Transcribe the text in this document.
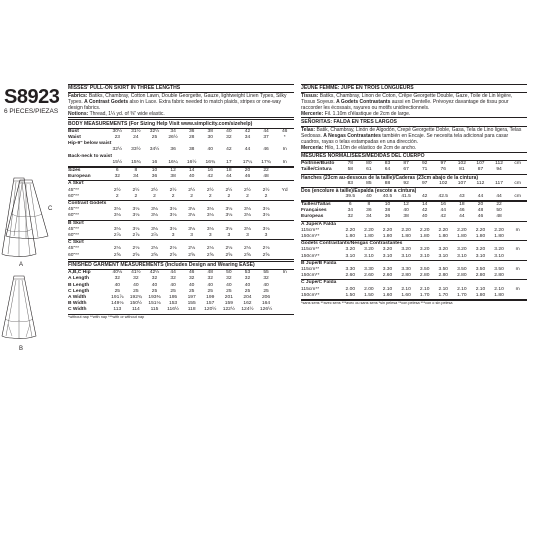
S8923
6 PIECES/PIEZAS
C
A
B
MISSES' PULL-ON SKIRT IN THREE LENGTHS
Fabrics: Batiks, Chambray, Cotton Lawn, Double Georgette, Gauze, lightweight Linen Types, Silky Types. A Contrast Godets also in Lace. Extra fabric needed to match plaids, stripes or one-way design fabrics.
Notions: Thread, 1¼ yd. of ⅜" wide elastic.
BODY MEASUREMENTS (For Sizing Help Visit www.simplicity.com/sizehelp)
Bust	30½	31½	32½	34	36	38	40	42	44	46
Waist	23	24	25	26½	28	30	32	34	37	*
Hip-9" below waist										
	32½	33½	34½	36	38	40	42	44	46	In
Back-neck to waist										
	15½	15¾	16	16¼	16½	16¾	17	17¼	17¾	In
Sizes	6	8	10	12	14	16	18	20	22	
European	32	34	36	38	40	42	44	46	48	
A Skirt										
45"**	2½	2½	2½	2½	2½	2½	2½	2½	2½	Yd
60"**	2	2	2	2	2	2	2	2	2	
Contrast Godets										
45"**	3⅛	3⅛	3⅛	3⅛	3⅛	3⅛	3⅛	3⅛	3⅛	
60"**	3⅛	3⅛	3⅛	3⅛	3⅛	3⅛	3⅛	3⅛	3⅛	
B Skirt										
45"**	3⅛	3⅛	3⅛	3⅛	3⅛	3⅛	3⅛	3⅛	3⅛	
60"**	2⅞	2⅞	2⅞	3	3	3	3	3	3	
C Skirt										
45"**	2⅛	2⅛	2⅛	2⅛	2⅛	2⅛	2⅛	2⅛	2⅛	
60"**	2⅝	2⅝	2⅝	2⅝	2⅝	2⅝	2⅝	2⅝	2⅝	
FINISHED GARMENT MEASUREMENTS (Includes Design and Wearing EASE)
A,B,C Hip	40⅛	41½	42½	44	46	48	50	53	55	In
A Length	32	32	32	32	32	32	32	32	32	
B Length	40	40	40	40	40	40	40	40	40	
C Length	25	25	25	25	25	25	25	25	25	
A Width	191⅞	192¾	193⅜	195	197	199	201	204	206	
B Width	149⅛	150½	151⅛	153	155	157	159	162	164	
C Width	113	114	115	116½	118	120½	122½	124½	126½	
*without nap **with nap ***with or without nap
JEUNE FEMME: JUPE EN TROIS LONGUEURS
Tissus: Batiks, Chambray, Linon de Coton, Crêpe Georgette Double, Gaze, Toile de Lin légère, Tissus Soyeux. A Godets Contrastants aussi en Dentelle. Prévoyez davantage de tissu pour raccorder les écossais, rayures ou motifs unidirectionnels.
Mercerie: Fil. 1.10m d'élastique de 2cm de large.
SEÑORITAS: FALDA EN TRES LARGOS
Telas: Batik, Chambray, Linón de Algodón, Crepé Georgette Doble, Gasa, Tela de Lino ligera, Telas Sedosas. A Nesgas Contrastantes también en Encaje. Se necesita tela adicional para casar cuadros, rayas o telas estampadas en una dirección.
Mercería: Hilo, 1.10m de elástico de 2cm de ancho.
MESURES NORMALISÉES/MEDIDAS DEL CUERPO
Poitrine/Busto	78	80	83	87	92	97	102	107	112	cm
Taille/Cintura	58	61	64	67	71	76	81	87	94	
Hanches (23cm au-dessous de la taille)/Caderas (23cm abajo de la cintura)
	83	85	88	92	97	102	107	112	117	cm
Dos (encolure à taille)/Espalda (escote a cintura)
	39.5	40	40.5	41.5	42	42.5	43	44	44	cm
Tailles/Tallas	6	8	10	12	14	16	18	20	22	
Françaises	34	36	38	40	42	44	46	48	50	
Europeas	32	34	36	38	40	42	44	46	48	
A Jupe/A Falda										
115cm**	2.20	2.20	2.20	2.20	2.20	2.20	2.20	2.20	2.20	m
150cm**	1.80	1.80	1.80	1.80	1.80	1.80	1.80	1.80	1.80	
Godets Contrastants/Nesgas Contrastantes										
115cm**	3.20	3.20	3.20	3.20	3.20	3.20	3.20	3.20	3.20	m
150cm**	3.10	3.10	3.10	3.10	3.10	3.10	3.10	3.10	3.10	
B Jupe/B Falda										
115cm**	3.30	3.30	3.30	3.30	3.50	3.50	3.50	3.50	3.50	m
150cm**	2.60	2.60	2.60	2.80	2.80	2.80	2.80	2.80	2.80	
C Jupe/C Falda										
115cm**	2.00	2.00	2.10	2.10	2.10	2.10	2.10	2.10	2.10	m
150cm**	1.50	1.50	1.60	1.60	1.70	1.70	1.70	1.80	1.80	
*sans sens **avec sens ***avec ou sans sens *sin pelesa **con pelesa ***con o sin pelesa
